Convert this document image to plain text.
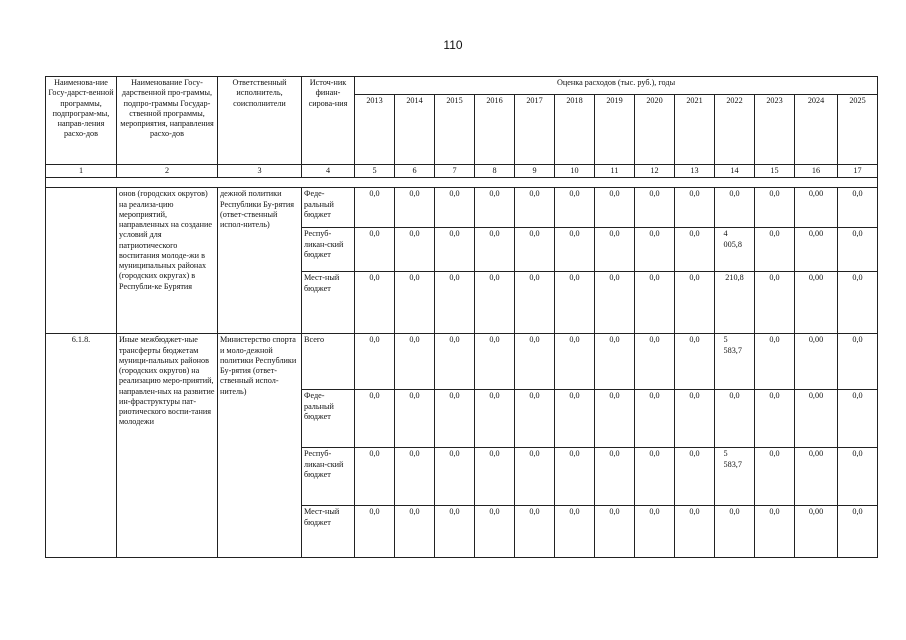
110
Наименова-ние Госу-дарст-венной программы, подпрограм-мы, направ-ления расхо-дов	Наименование Госу-дарственной про-граммы, подпро-граммы Государ-ственной программы, мероприятия, направления расхо-дов	Ответственный исполнитель, соисполнители	Источ-ник финан-сирова-ния	Оценка расходов (тыс. руб.), годы												
				2013	2014	2015	2016	2017	2018	2019	2020	2021	2022	2023	2024	2025
1	2	3	4	5	6	7	8	9	10	11	12	13	14	15	16	17

	онов (городских округов) на реализа-цию мероприятий, направленных на создание условий для патриотического воспитания молоде-жи в муниципальных районах (городских округах) в Республи-ке Бурятия	дежной политики Республики Бу-рятия (ответ-ственный испол-нитель)	Феде-ральный бюджет	0,0	0,0	0,0	0,0	0,0	0,0	0,0	0,0	0,0	0,0	0,0	0,00	0,0
			Респуб-ликан-ский бюджет	0,0	0,0	0,0	0,0	0,0	0,0	0,0	0,0	0,0	4 005,8	0,0	0,00	0,0
			Мест-ный бюджет	0,0	0,0	0,0	0,0	0,0	0,0	0,0	0,0	0,0	210,8	0,0	0,00	0,0

6.1.8.	Иные межбюджет-ные трансферты бюджетам муници-пальных районов (городских округов) на реализацию меро-приятий, направлен-ных на развитие ин-фраструктуры пат-риотического воспи-тания молодежи	Министерство спорта и моло-дежной политики Республики Бу-рятия (ответ-ственный испол-нитель)	Всего	0,0	0,0	0,0	0,0	0,0	0,0	0,0	0,0	0,0	5 583,7	0,0	0,00	0,0
			Феде-ральный бюджет	0,0	0,0	0,0	0,0	0,0	0,0	0,0	0,0	0,0	0,0	0,0	0,00	0,0
			Респуб-ликан-ский бюджет	0,0	0,0	0,0	0,0	0,0	0,0	0,0	0,0	0,0	5 583,7	0,0	0,00	0,0
			Мест-ный бюджет	0,0	0,0	0,0	0,0	0,0	0,0	0,0	0,0	0,0	0,0	0,0	0,00	0,0
